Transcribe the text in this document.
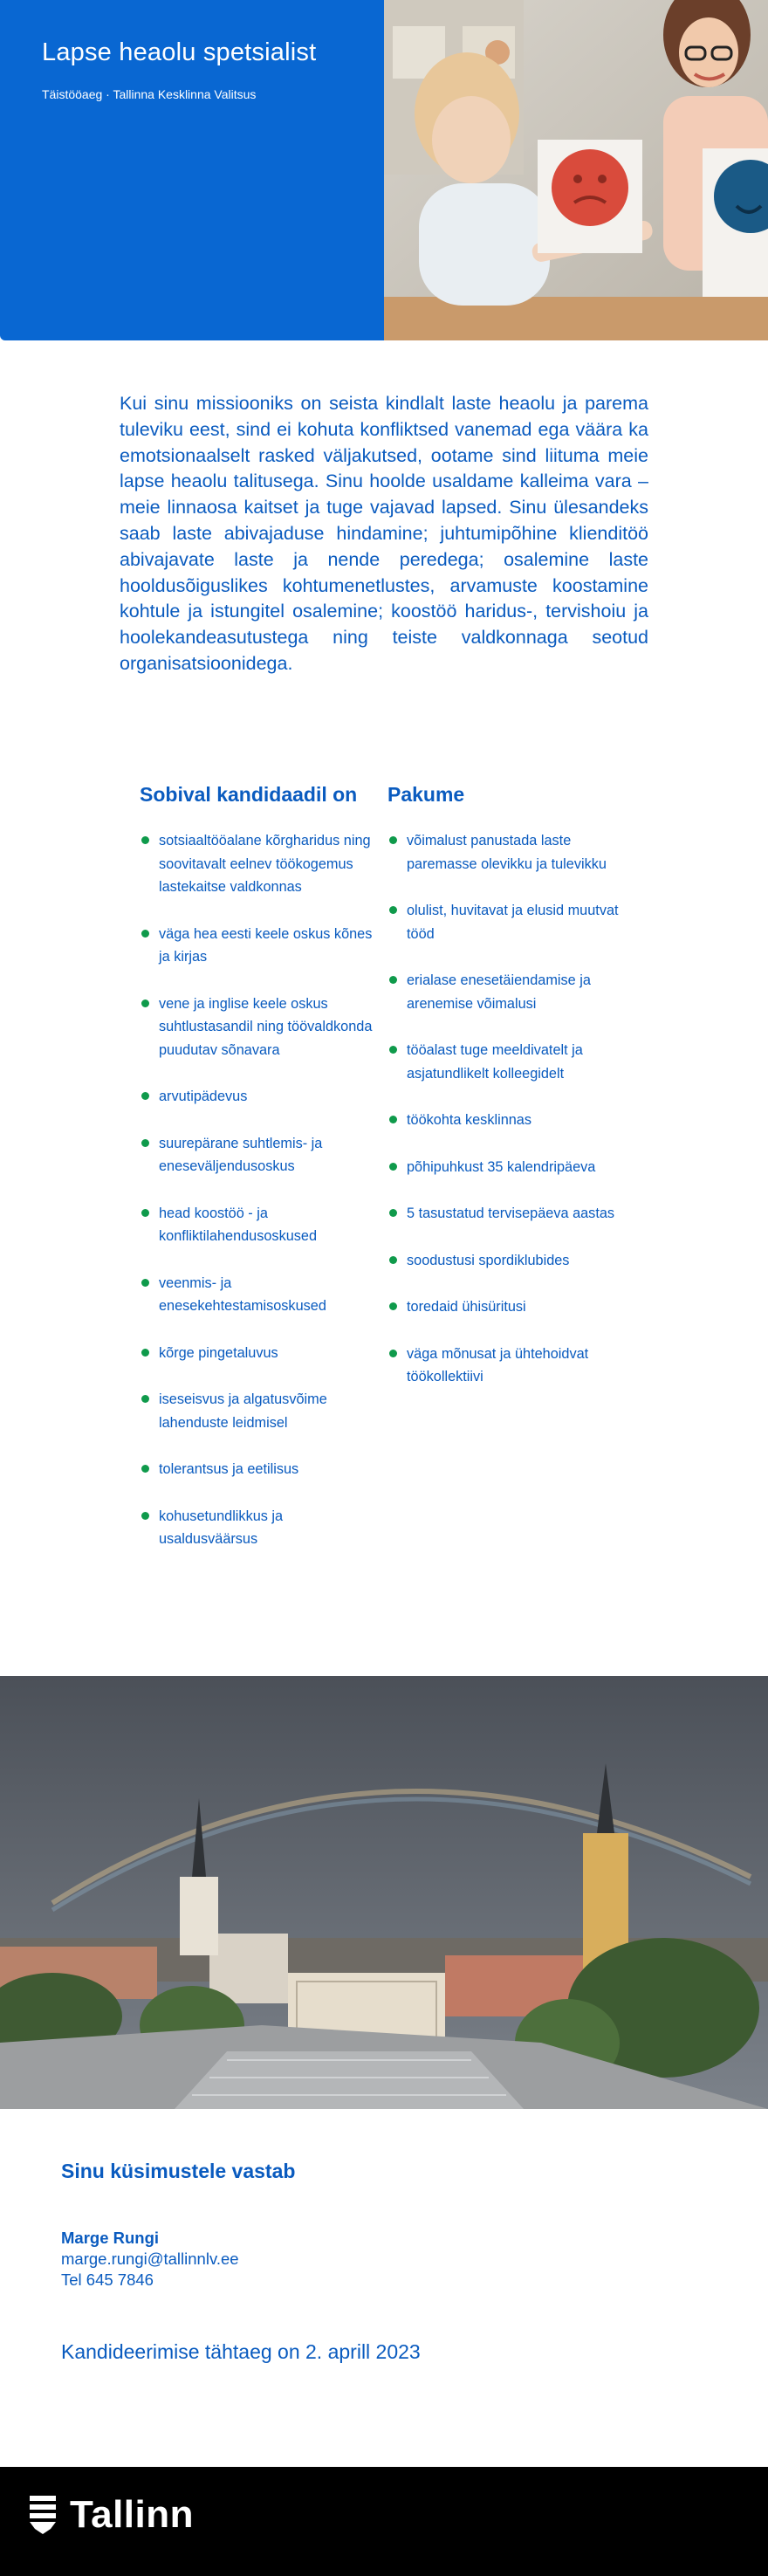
Lapse heaolu spetsialist
Täistööaeg · Tallinna Kesklinna Valitsus

Kui sinu missiooniks on seista kindlalt laste heaolu ja parema tuleviku eest, sind ei kohuta konfliktsed vanemad ega väära ka emotsionaalselt rasked väljakutsed, ootame sind liituma meie lapse heaolu talitusega. Sinu hoolde usaldame kalleima vara – meie linnaosa kaitset ja tuge vajavad lapsed. Sinu ülesandeks saab laste abivajaduse hindamine; juhtumipõhine klienditöö abivajavate laste ja nende peredega; osalemine laste hooldusõiguslikes kohtumenetlustes, arvamuste koostamine kohtule ja istungitel osalemine; koostöö haridus-, tervishoiu ja hoolekandeasutustega ning teiste valdkonnaga seotud organisatsioonidega.

Sobival kandidaadil on
sotsiaaltööalane kõrgharidus ning soovitavalt eelnev töökogemus lastekaitse valdkonnas
väga hea eesti keele oskus kõnes ja kirjas
vene ja inglise keele oskus suhtlustasandil ning töövaldkonda puudutav sõnavara
arvutipädevus
suurepärane suhtlemis- ja eneseväljendusoskus
head koostöö - ja konfliktilahendusoskused
veenmis- ja enesekehtestamisoskused
kõrge pingetaluvus
iseseisvus ja algatusvõime lahenduste leidmisel
tolerantsus ja eetilisus
kohusetundlikkus ja usaldusväärsus
Pakume
võimalust panustada laste paremasse olevikku ja tulevikku
olulist, huvitavat ja elusid muutvat tööd
erialase enesetäiendamise ja arenemise võimalusi
tööalast tuge meeldivatelt ja asjatundlikelt kolleegidelt
töökohta kesklinnas
põhipuhkust 35 kalendripäeva
5 tasustatud tervisepäeva aastas
soodustusi spordiklubides
toredaid ühisüritusi
väga mõnusat ja ühtehoidvat töökollektiivi
Sinu küsimustele vastab
Marge Rungi
marge.rungi@tallinnlv.ee
Tel 645 7846
Kandideerimise tähtaeg on 2. aprill 2023
Tallinn
